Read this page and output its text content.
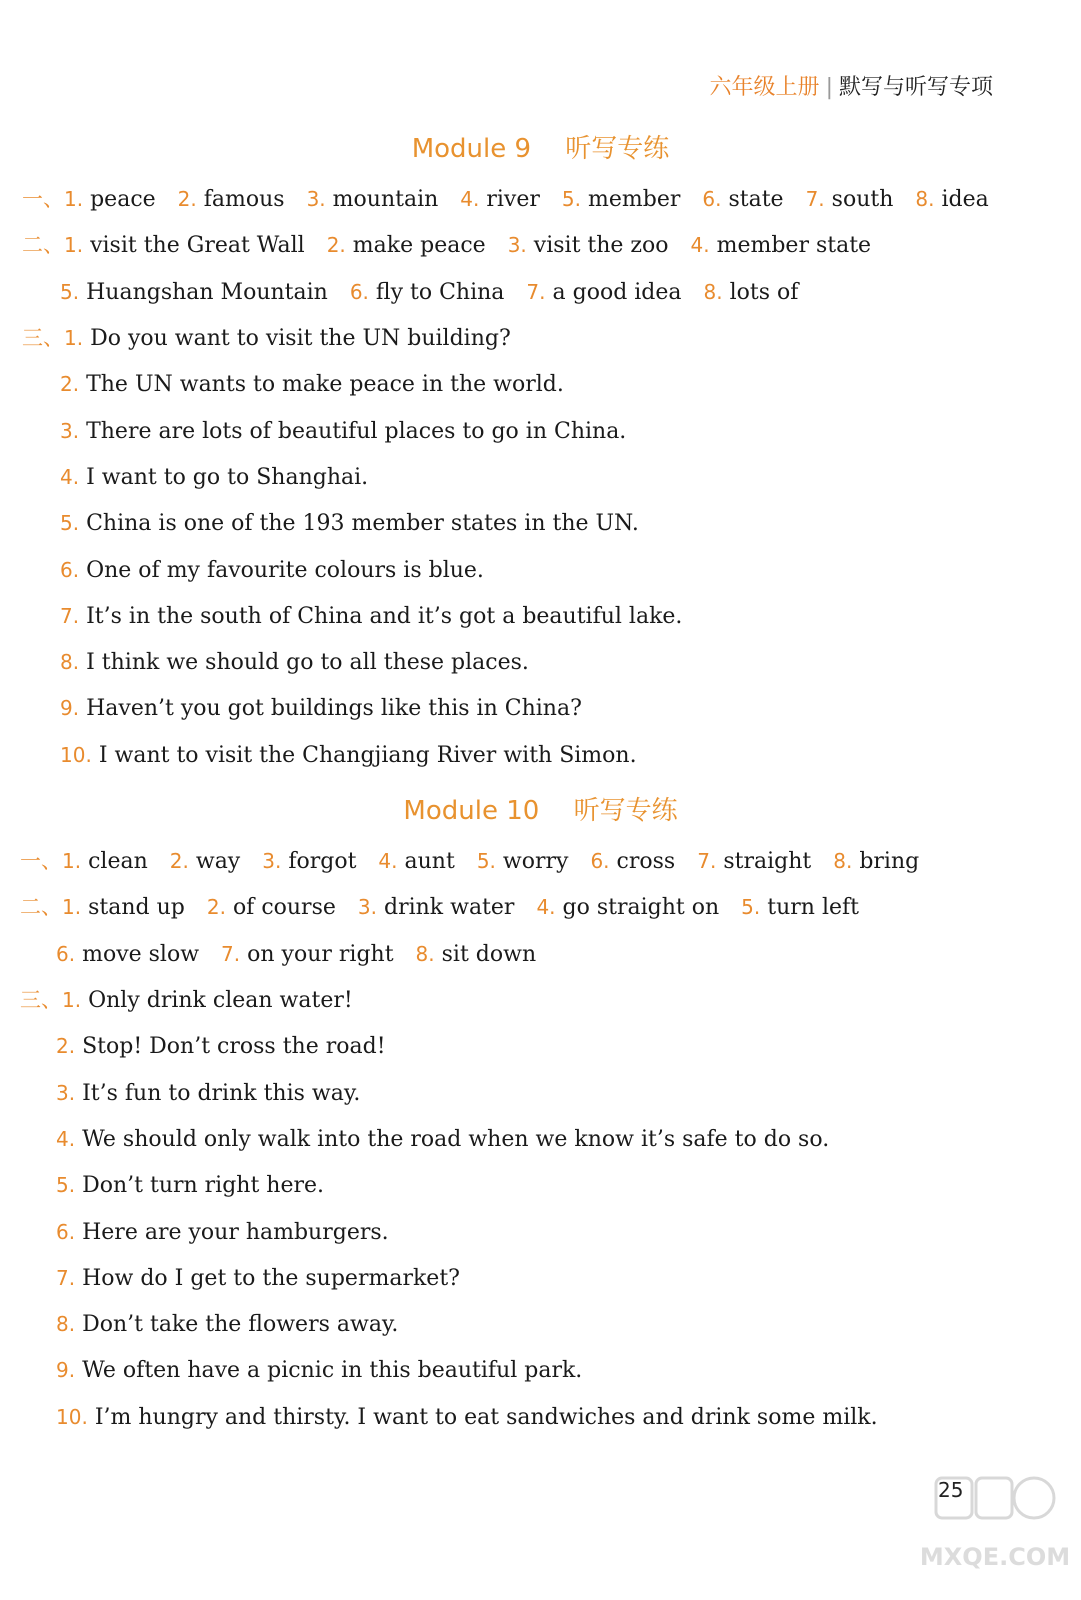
六年级上册 | 默写与听写专项
Module 9　 听写专练
一、1. peace 2. famous 3. mountain 4. river 5. member 6. state 7. south 8. idea
二、1. visit the Great Wall 2. make peace 3. visit the zoo 4. member state
5. Huangshan Mountain 6. fly to China 7. a good idea 8. lots of
三、1. Do you want to visit the UN building?
2. The UN wants to make peace in the world.
3. There are lots of beautiful places to go in China.
4. I want to go to Shanghai.
5. China is one of the 193 member states in the UN.
6. One of my favourite colours is blue.
7. It’s in the south of China and it’s got a beautiful lake.
8. I think we should go to all these places.
9. Haven’t you got buildings like this in China?
10. I want to visit the Changjiang River with Simon.
Module 10　 听写专练
一、1. clean 2. way 3. forgot 4. aunt 5. worry 6. cross 7. straight 8. bring
二、1. stand up 2. of course 3. drink water 4. go straight on 5. turn left
6. move slow 7. on your right 8. sit down
三、1. Only drink clean water!
2. Stop! Don’t cross the road!
3. It’s fun to drink this way.
4. We should only walk into the road when we know it’s safe to do so.
5. Don’t turn right here.
6. Here are your hamburgers.
7. How do I get to the supermarket?
8. Don’t take the flowers away.
9. We often have a picnic in this beautiful park.
10. I’m hungry and thirsty. I want to eat sandwiches and drink some milk.
25
MXQE.COM
